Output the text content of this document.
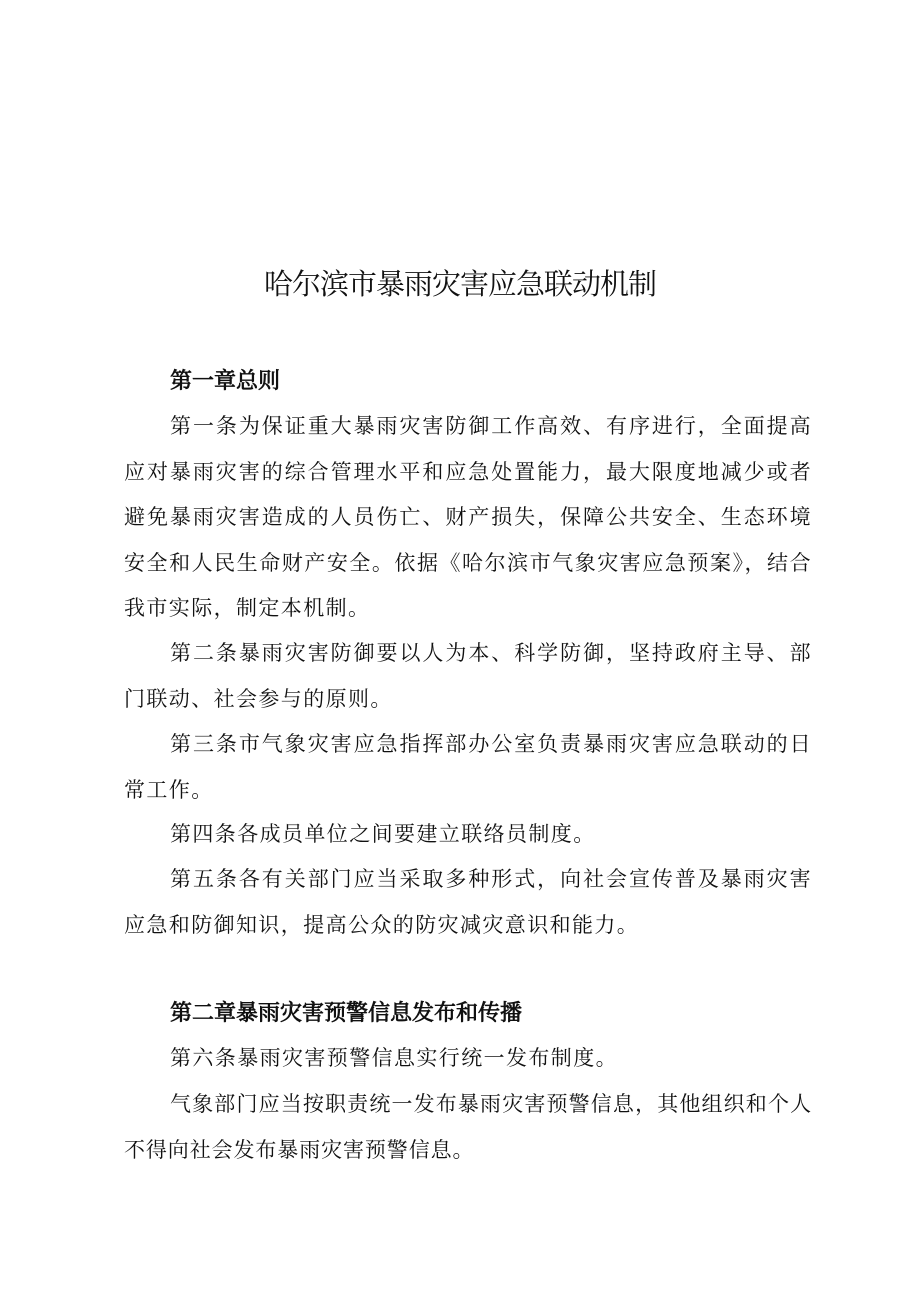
哈尔滨市暴雨灾害应急联动机制
第一章总则

第一条为保证重大暴雨灾害防御工作高效、有序进行，全面提高应对暴雨灾害的综合管理水平和应急处置能力，最大限度地减少或者避免暴雨灾害造成的人员伤亡、财产损失，保障公共安全、生态环境安全和人民生命财产安全。依据《哈尔滨市气象灾害应急预案》，结合我市实际，制定本机制。

第二条暴雨灾害防御要以人为本、科学防御，坚持政府主导、部门联动、社会参与的原则。

第三条市气象灾害应急指挥部办公室负责暴雨灾害应急联动的日常工作。

第四条各成员单位之间要建立联络员制度。

第五条各有关部门应当采取多种形式，向社会宣传普及暴雨灾害应急和防御知识，提高公众的防灾减灾意识和能力。

第二章暴雨灾害预警信息发布和传播

第六条暴雨灾害预警信息实行统一发布制度。

气象部门应当按职责统一发布暴雨灾害预警信息，其他组织和个人不得向社会发布暴雨灾害预警信息。
